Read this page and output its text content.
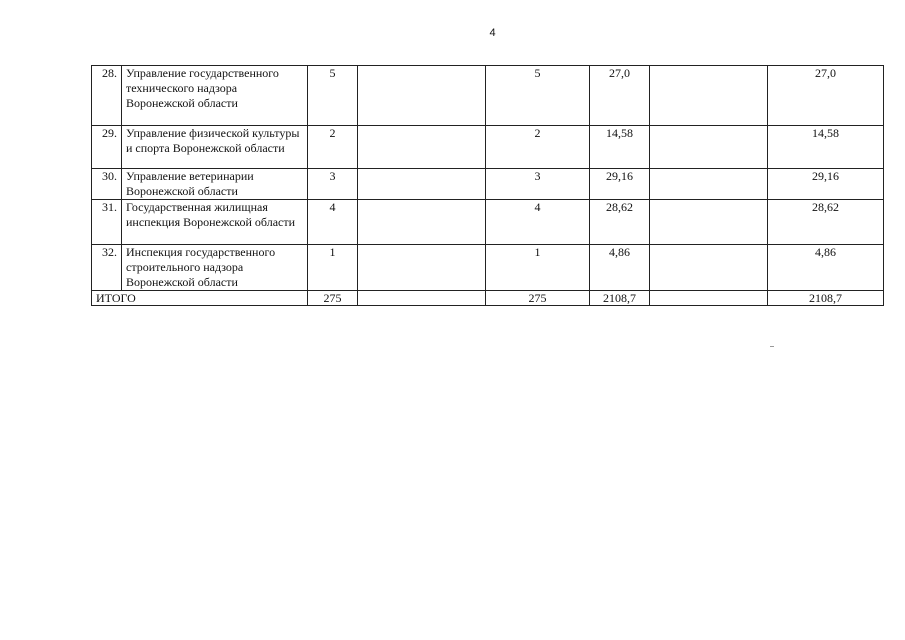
4
28.	Управление государственного технического надзора Воронежской области	5		5	27,0		27,0
29.	Управление физической культуры и спорта Воронежской области	2		2	14,58		14,58
30.	Управление ветеринарии Воронежской области	3		3	29,16		29,16
31.	Государственная жилищная инспекция Воронежской области	4		4	28,62		28,62
32.	Инспекция государственного строительного надзора Воронежской области	1		1	4,86		4,86
ИТОГО		275		275	2108,7		2108,7
